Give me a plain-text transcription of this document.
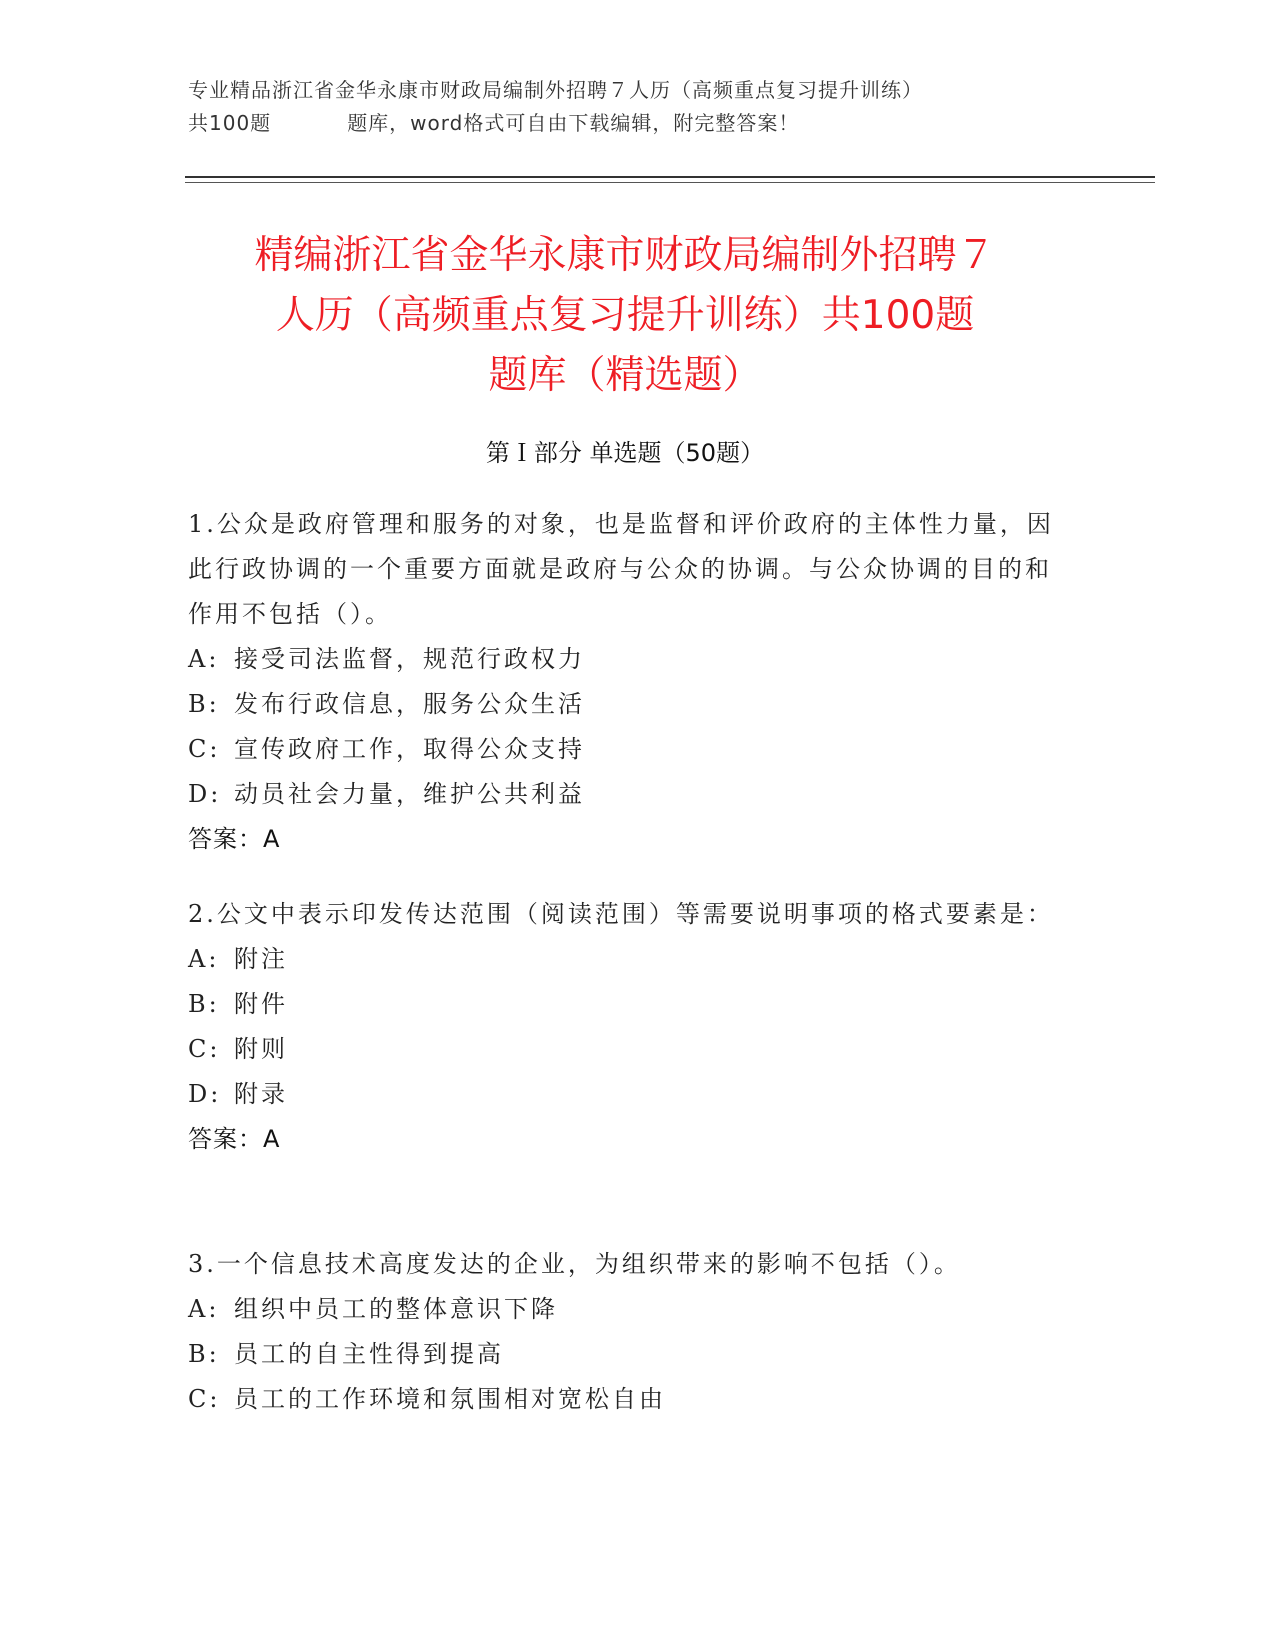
专业精品浙江省金华永康市财政局编制外招聘７人历（高频重点复习提升训练）
共100题	题库，word格式可自由下载编辑，附完整答案！
精编浙江省金华永康市财政局编制外招聘７
人历（高频重点复习提升训练）共100题
题库（精选题）
第Ｉ部分 单选题（50题）
1.公众是政府管理和服务的对象，也是监督和评价政府的主体性力量，因此行政协调的一个重要方面就是政府与公众的协调。与公众协调的目的和作用不包括（）。
A: 接受司法监督，规范行政权力
B: 发布行政信息，服务公众生活
C: 宣传政府工作，取得公众支持
D: 动员社会力量，维护公共利益
答案：A
2.公文中表示印发传达范围（阅读范围）等需要说明事项的格式要素是：
A: 附注
B: 附件
C: 附则
D: 附录
答案：A
3.一个信息技术高度发达的企业，为组织带来的影响不包括（）。
A: 组织中员工的整体意识下降
B: 员工的自主性得到提高
C: 员工的工作环境和氛围相对宽松自由
